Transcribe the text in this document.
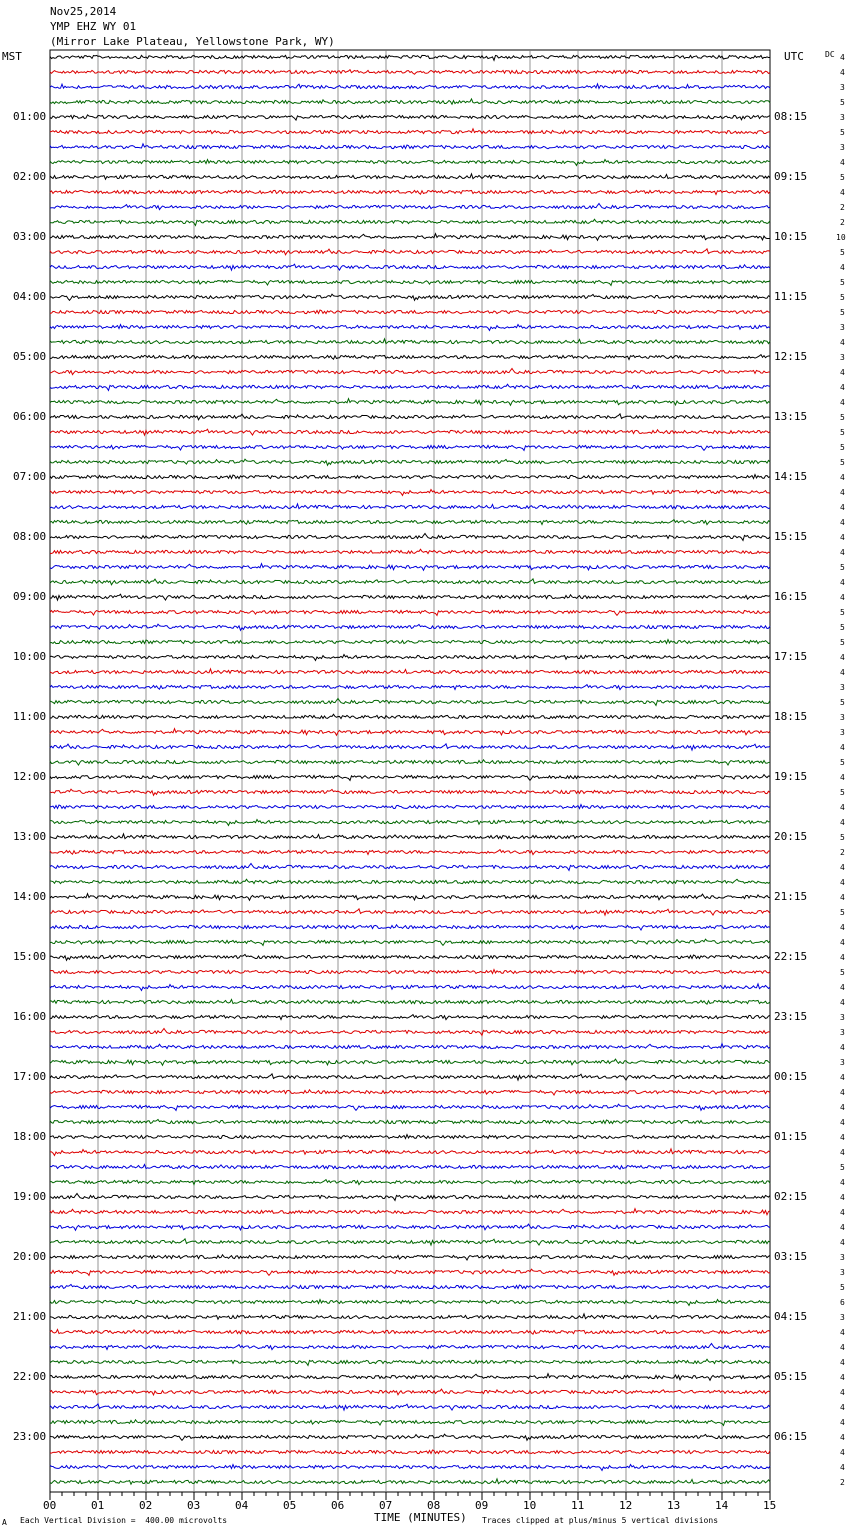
Nov25,2014
YMP EHZ WY 01
(Mirror Lake Plateau, Yellowstone Park, WY)
MST	UTC	DC
00	01	02	03	04	05	06	07	08	09	10	11	12	13	14	15
01:00
02:00
03:00
04:00
05:00
06:00
07:00
08:00
09:00
10:00
11:00
12:00
13:00
14:00
15:00
16:00
17:00
18:00
19:00
20:00
21:00
22:00
23:00
08:15
09:15
10:15
11:15
12:15
13:15
14:15
15:15
16:15
17:15
18:15
19:15
20:15
21:15
22:15
23:15
00:15
01:15
02:15
03:15
04:15
05:15
06:15
4
4
3
5
3
5
3
4
5
4
2
2
10
5
4
5
5
5
3
4
3
4
4
4
5
5
5
5
4
4
4
4
4
4
5
4
4
5
5
5
4
4
3
5
3
3
4
5
4
5
4
4
5
2
4
4
4
5
4
4
4
5
4
4
3
3
4
3
4
4
4
4
4
4
5
4
4
4
4
4
3
3
5
6
3
4
4
4
4
4
4
4
4
4
4
2
TIME (MINUTES)
A Each Vertical Division =  400.00 microvolts	Traces clipped at plus/minus 5 vertical divisions
